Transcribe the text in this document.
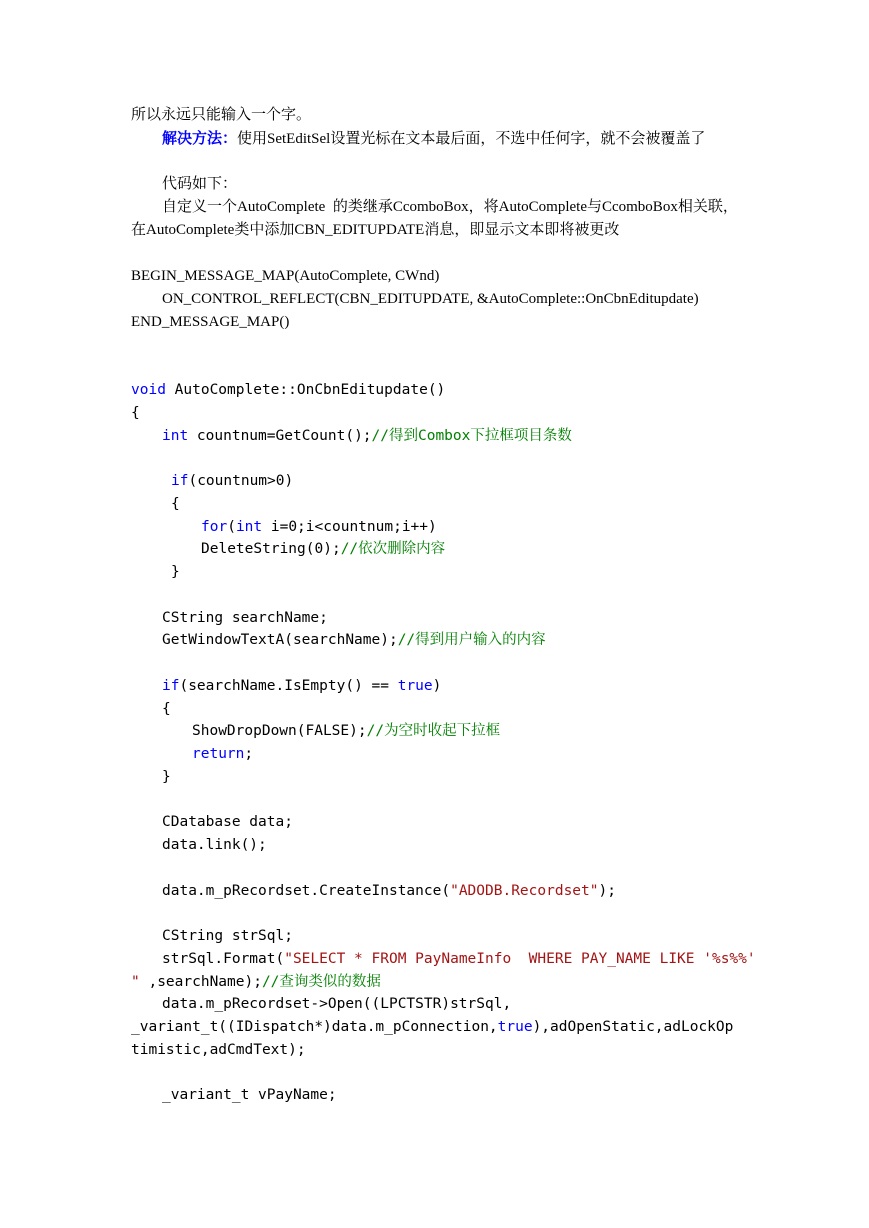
所以永远只能输入一个字。
解决方法：使用SetEditSel设置光标在文本最后面，不选中任何字，就不会被覆盖了
代码如下：
自定义一个AutoComplete  的类继承CcomboBox，将AutoComplete与CcomboBox相关联，
在AutoComplete类中添加CBN_EDITUPDATE消息，即显示文本即将被更改
BEGIN_MESSAGE_MAP(AutoComplete, CWnd)
ON_CONTROL_REFLECT(CBN_EDITUPDATE, &AutoComplete::OnCbnEditupdate)
END_MESSAGE_MAP()
void AutoComplete::OnCbnEditupdate()
{
int countnum=GetCount();//得到Combox下拉框项目条数
if(countnum>0)
{
for(int i=0;i<countnum;i++)
DeleteString(0);//依次删除内容
}
CString searchName;
GetWindowTextA(searchName);//得到用户输入的内容
if(searchName.IsEmpty() == true)
{
ShowDropDown(FALSE);//为空时收起下拉框
return;
}
CDatabase data;
data.link();
data.m_pRecordset.CreateInstance("ADODB.Recordset");
CString strSql;
strSql.Format("SELECT * FROM PayNameInfo  WHERE PAY_NAME LIKE '%s%%'
" ,searchName);//查询类似的数据
data.m_pRecordset->Open((LPCTSTR)strSql,
_variant_t((IDispatch*)data.m_pConnection,true),adOpenStatic,adLockOp
timistic,adCmdText);
_variant_t vPayName;
